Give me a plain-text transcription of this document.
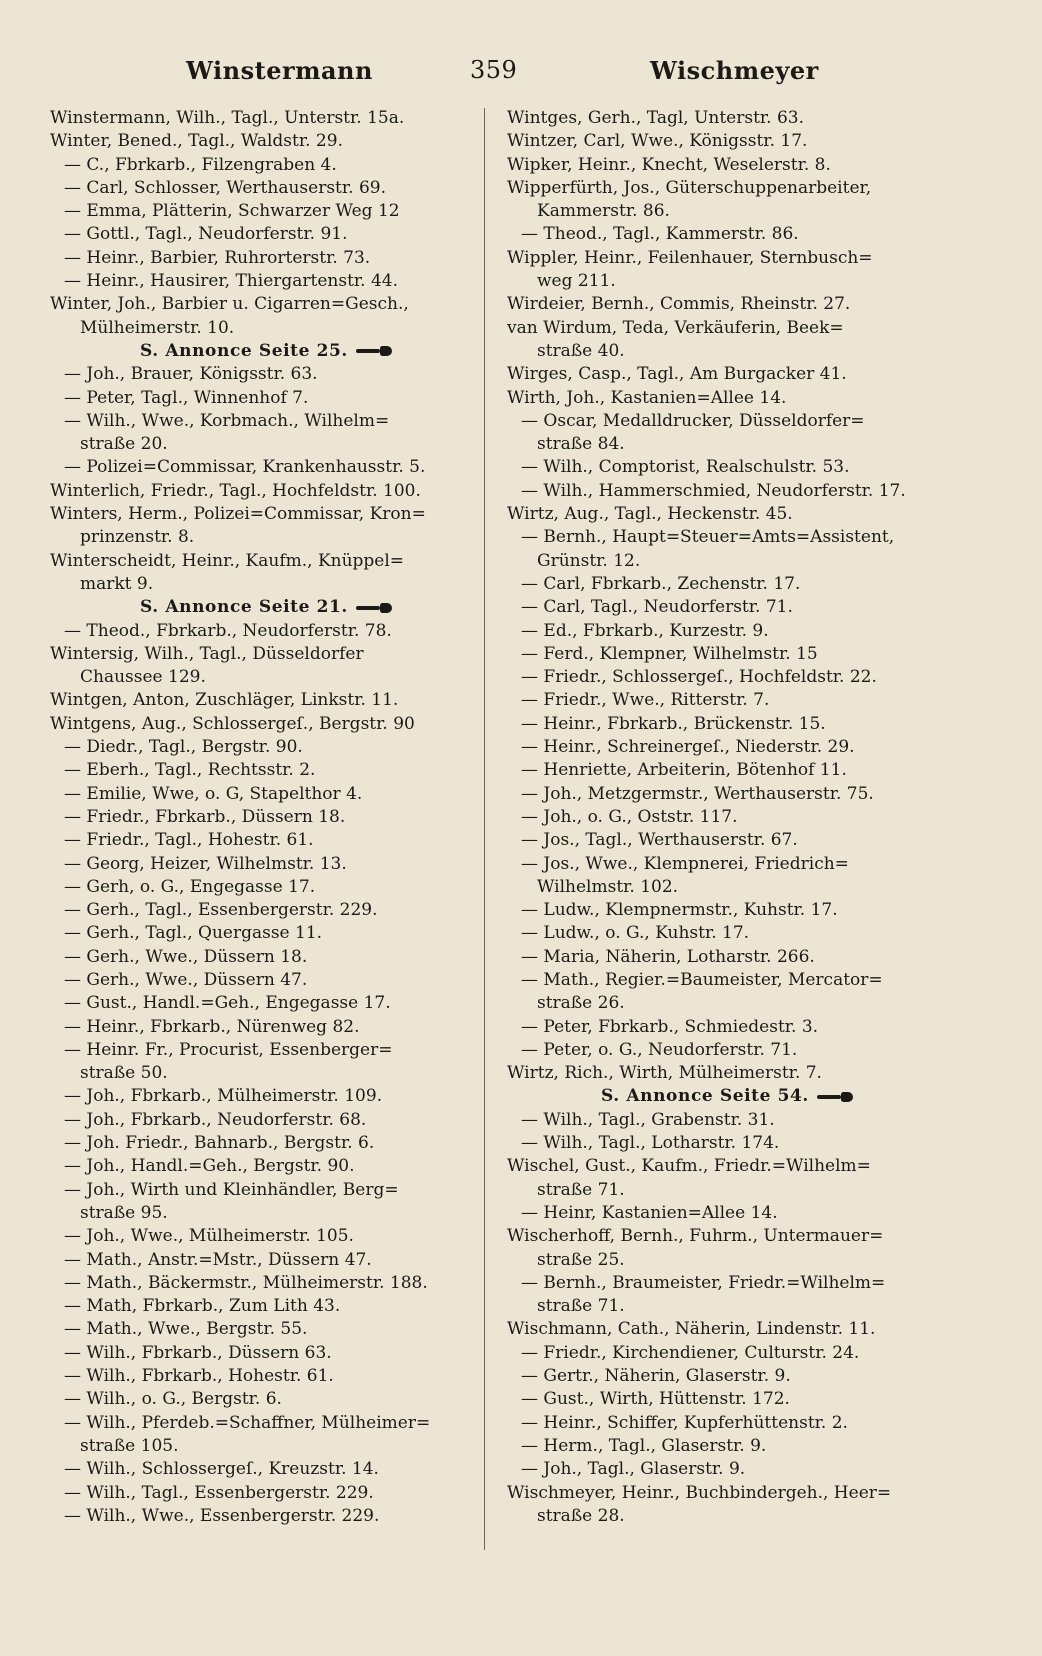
Winstermann	359	Wischmeyer
Winstermann, Wilh., Tagl., Unterstr. 15a.
Winter, Bened., Tagl., Waldstr. 29.
— C., Fbrkarb., Filzengraben 4.
— Carl, Schlosser, Werthauserstr. 69.
— Emma, Plätterin, Schwarzer Weg 12
— Gottl., Tagl., Neudorferstr. 91.
— Heinr., Barbier, Ruhrorterstr. 73.
— Heinr., Hausirer, Thiergartenstr. 44.
Winter, Joh., Barbier u. Cigarren=Gesch.,
Mülheimerstr. 10.
S. Annonce Seite 25.
— Joh., Brauer, Königsstr. 63.
— Peter, Tagl., Winnenhof 7.
— Wilh., Wwe., Korbmach., Wilhelm=
straße 20.
— Polizei=Commissar, Krankenhausstr. 5.
Winterlich, Friedr., Tagl., Hochfeldstr. 100.
Winters, Herm., Polizei=Commissar, Kron=
prinzenstr. 8.
Winterscheidt, Heinr., Kaufm., Knüppel=
markt 9.
S. Annonce Seite 21.
— Theod., Fbrkarb., Neudorferstr. 78.
Wintersig, Wilh., Tagl., Düsseldorfer
Chaussee 129.
Wintgen, Anton, Zuschläger, Linkstr. 11.
Wintgens, Aug., Schlossergeſ., Bergstr. 90
— Diedr., Tagl., Bergstr. 90.
— Eberh., Tagl., Rechtsstr. 2.
— Emilie, Wwe, o. G, Stapelthor 4.
— Friedr., Fbrkarb., Düssern 18.
— Friedr., Tagl., Hohestr. 61.
— Georg, Heizer, Wilhelmstr. 13.
— Gerh, o. G., Engegasse 17.
— Gerh., Tagl., Essenbergerstr. 229.
— Gerh., Tagl., Quergasse 11.
— Gerh., Wwe., Düssern 18.
— Gerh., Wwe., Düssern 47.
— Gust., Handl.=Geh., Engegasse 17.
— Heinr., Fbrkarb., Nürenweg 82.
— Heinr. Fr., Procurist, Essenberger=
straße 50.
— Joh., Fbrkarb., Mülheimerstr. 109.
— Joh., Fbrkarb., Neudorferstr. 68.
— Joh. Friedr., Bahnarb., Bergstr. 6.
— Joh., Handl.=Geh., Bergstr. 90.
— Joh., Wirth und Kleinhändler, Berg=
straße 95.
— Joh., Wwe., Mülheimerstr. 105.
— Math., Anstr.=Mstr., Düssern 47.
— Math., Bäckermstr., Mülheimerstr. 188.
— Math, Fbrkarb., Zum Lith 43.
— Math., Wwe., Bergstr. 55.
— Wilh., Fbrkarb., Düssern 63.
— Wilh., Fbrkarb., Hohestr. 61.
— Wilh., o. G., Bergstr. 6.
— Wilh., Pferdeb.=Schaffner, Mülheimer=
straße 105.
— Wilh., Schlossergeſ., Kreuzstr. 14.
— Wilh., Tagl., Essenbergerstr. 229.
— Wilh., Wwe., Essenbergerstr. 229.
Wintges, Gerh., Tagl, Unterstr. 63.
Wintzer, Carl, Wwe., Königsstr. 17.
Wipker, Heinr., Knecht, Weselerstr. 8.
Wipperfürth, Jos., Güterschuppenarbeiter,
Kammerstr. 86.
— Theod., Tagl., Kammerstr. 86.
Wippler, Heinr., Feilenhauer, Sternbusch=
weg 211.
Wirdeier, Bernh., Commis, Rheinstr. 27.
van Wirdum, Teda, Verkäuferin, Beek=
straße 40.
Wirges, Casp., Tagl., Am Burgacker 41.
Wirth, Joh., Kastanien=Allee 14.
— Oscar, Medalldrucker, Düsseldorfer=
straße 84.
— Wilh., Comptorist, Realschulstr. 53.
— Wilh., Hammerschmied, Neudorferstr. 17.
Wirtz, Aug., Tagl., Heckenstr. 45.
— Bernh., Haupt=Steuer=Amts=Assistent,
Grünstr. 12.
— Carl, Fbrkarb., Zechenstr. 17.
— Carl, Tagl., Neudorferstr. 71.
— Ed., Fbrkarb., Kurzestr. 9.
— Ferd., Klempner, Wilhelmstr. 15
— Friedr., Schlossergeſ., Hochfeldstr. 22.
— Friedr., Wwe., Ritterstr. 7.
— Heinr., Fbrkarb., Brückenstr. 15.
— Heinr., Schreinergeſ., Niederstr. 29.
— Henriette, Arbeiterin, Bötenhof 11.
— Joh., Metzgermstr., Werthauserstr. 75.
— Joh., o. G., Oststr. 117.
— Jos., Tagl., Werthauserstr. 67.
— Jos., Wwe., Klempnerei, Friedrich=
Wilhelmstr. 102.
— Ludw., Klempnermstr., Kuhstr. 17.
— Ludw., o. G., Kuhstr. 17.
— Maria, Näherin, Lotharstr. 266.
— Math., Regier.=Baumeister, Mercator=
straße 26.
— Peter, Fbrkarb., Schmiedestr. 3.
— Peter, o. G., Neudorferstr. 71.
Wirtz, Rich., Wirth, Mülheimerstr. 7.
S. Annonce Seite 54.
— Wilh., Tagl., Grabenstr. 31.
— Wilh., Tagl., Lotharstr. 174.
Wischel, Gust., Kaufm., Friedr.=Wilhelm=
straße 71.
— Heinr, Kastanien=Allee 14.
Wischerhoff, Bernh., Fuhrm., Untermauer=
straße 25.
— Bernh., Braumeister, Friedr.=Wilhelm=
straße 71.
Wischmann, Cath., Näherin, Lindenstr. 11.
— Friedr., Kirchendiener, Culturstr. 24.
— Gertr., Näherin, Glaserstr. 9.
— Gust., Wirth, Hüttenstr. 172.
— Heinr., Schiffer, Kupferhüttenstr. 2.
— Herm., Tagl., Glaserstr. 9.
— Joh., Tagl., Glaserstr. 9.
Wischmeyer, Heinr., Buchbindergeh., Heer=
straße 28.
